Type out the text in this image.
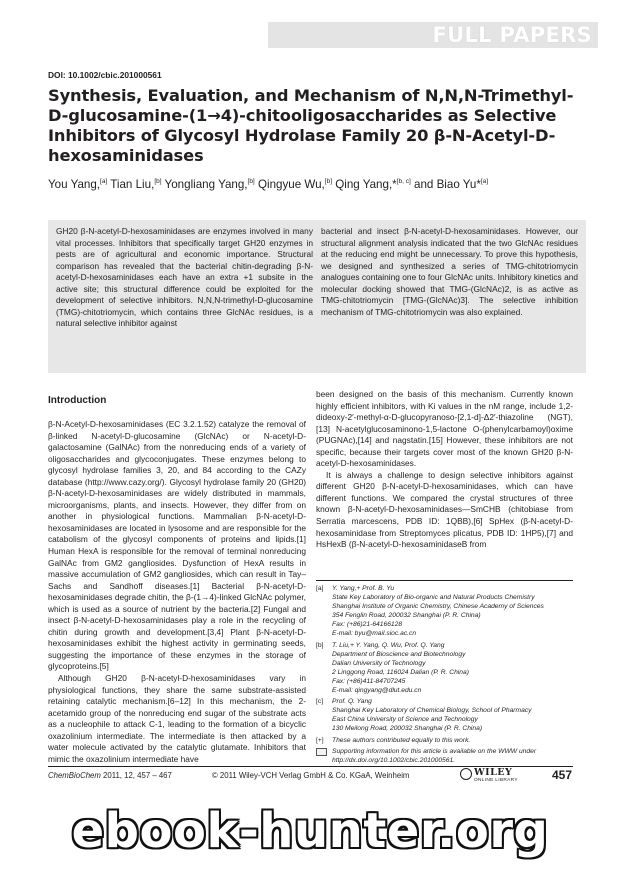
FULL PAPERS
DOI: 10.1002/cbic.201000561
Synthesis, Evaluation, and Mechanism of N,N,N-Trimethyl-D-glucosamine-(1→4)-chitooligosaccharides as Selective Inhibitors of Glycosyl Hydrolase Family 20 β-N-Acetyl-D-hexosaminidases
You Yang,[a] Tian Liu,[b] Yongliang Yang,[b] Qingyue Wu,[b] Qing Yang,*[b, c] and Biao Yu*[a]
GH20 β-N-acetyl-D-hexosaminidases are enzymes involved in many vital processes. Inhibitors that specifically target GH20 enzymes in pests are of agricultural and economic importance. Structural comparison has revealed that the bacterial chitin-degrading β-N-acetyl-D-hexosaminidases each have an extra +1 subsite in the active site; this structural difference could be exploited for the development of selective inhibitors. N,N,N-trimethyl-D-glucosamine (TMG)-chitotriomycin, which contains three GlcNAc residues, is a natural selective inhibitor against
bacterial and insect β-N-acetyl-D-hexosaminidases. However, our structural alignment analysis indicated that the two GlcNAc residues at the reducing end might be unnecessary. To prove this hypothesis, we designed and synthesized a series of TMG-chitotriomycin analogues containing one to four GlcNAc units. Inhibitory kinetics and molecular docking showed that TMG-(GlcNAc)2, is as active as TMG-chitotriomycin [TMG-(GlcNAc)3]. The selective inhibition mechanism of TMG-chitotriomycin was also explained.
Introduction

β-N-Acetyl-D-hexosaminidases (EC 3.2.1.52) catalyze the removal of β-linked N-acetyl-D-glucosamine (GlcNAc) or N-acetyl-D-galactosamine (GalNAc) from the nonreducing ends of a variety of oligosaccharides and glycoconjugates. These enzymes belong to glycosyl hydrolase families 3, 20, and 84 according to the CAZy database (http://www.cazy.org/). Glycosyl hydrolase family 20 (GH20) β-N-acetyl-D-hexosaminidases are widely distributed in mammals, microorganisms, plants, and insects. However, they differ from on another in physiological functions. Mammalian β-N-acetyl-D-hexosaminidases are located in lysosome and are responsible for the catabolism of the glycosyl components of proteins and lipids.[1] Human HexA is responsible for the removal of terminal nonreducing GalNAc from GM2 gangliosides. Dysfunction of HexA results in massive accumulation of GM2 gangliosides, which can result in Tay–Sachs and Sandhoff diseases.[1] Bacterial β-N-acetyl-D-hexosaminidases degrade chitin, the β-(1→4)-linked GlcNAc polymer, which is used as a source of nutrient by the bacteria.[2] Fungal and insect β-N-acetyl-D-hexosaminidases play a role in the recycling of chitin during growth and development.[3,4] Plant β-N-acetyl-D-hexosaminidases exhibit the highest activity in germinating seeds, suggesting the importance of these enzymes in the storage of glycoproteins.[5]

Although GH20 β-N-acetyl-D-hexosaminidases vary in physiological functions, they share the same substrate-assisted retaining catalytic mechanism.[6–12] In this mechanism, the 2-acetamido group of the nonreducing end sugar of the substrate acts as a nucleophile to attack C-1, leading to the formation of a bicyclic oxazolinium intermediate. The intermediate is then attacked by a water molecule activated by the catalytic glutamate. Inhibitors that mimic the oxazolinium intermediate have

been designed on the basis of this mechanism. Currently known highly efficient inhibitors, with Ki values in the nM range, include 1,2-dideoxy-2′-methyl-α-D-glucopyranoso-[2,1-d]-Δ2′-thiazoline (NGT),[13] N-acetylglucosaminono-1,5-lactone O-(phenylcarbamoyl)oxime (PUGNAc),[14] and nagstatin.[15] However, these inhibitors are not specific, because their targets cover most of the known GH20 β-N-acetyl-D-hexosaminidases.

It is always a challenge to design selective inhibitors against different GH20 β-N-acetyl-D-hexosaminidases, which can have different functions. We compared the crystal structures of three known β-N-acetyl-D-hexosaminidases—SmCHB (chitobiase from Serratia marcescens, PDB ID: 1QBB),[6] SpHex (β-N-acetyl-D-hexosaminidase from Streptomyces plicatus, PDB ID: 1HP5),[7] and HsHexB (β-N-acetyl-D-hexosaminidaseB from

[a] Y. Yang,+ Prof. B. Yu
State Key Laboratory of Bio-organic and Natural Products Chemistry
Shanghai Institute of Organic Chemistry, Chinese Academy of Sciences
354 Fenglin Road, 200032 Shanghai (P. R. China)
Fax: (+86)21-64166128
E-mail: byu@mail.sioc.ac.cn
[b] T. Liu,+ Y. Yang, Q. Wu, Prof. Q. Yang
Department of Bioscience and Biotechnology
Dalian University of Technology
2 Linggong Road, 116024 Dalian (P. R. China)
Fax: (+86)411-84707245
E-mail: qingyang@dlut.edu.cn
[c] Prof. Q. Yang
Shanghai Key Laboratory of Chemical Biology, School of Pharmacy
East China University of Science and Technology
130 Meilong Road, 200032 Shanghai (P. R. China)
[+] These authors contributed equally to this work.
Supporting information for this article is available on the WWW under
http://dx.doi.org/10.1002/cbic.201000561.
ChemBioChem 2011, 12, 457 – 467	© 2011 Wiley-VCH Verlag GmbH & Co. KGaA, Weinheim	WILEY
ONLINE LIBRARY	457
ebook-hunter.org
